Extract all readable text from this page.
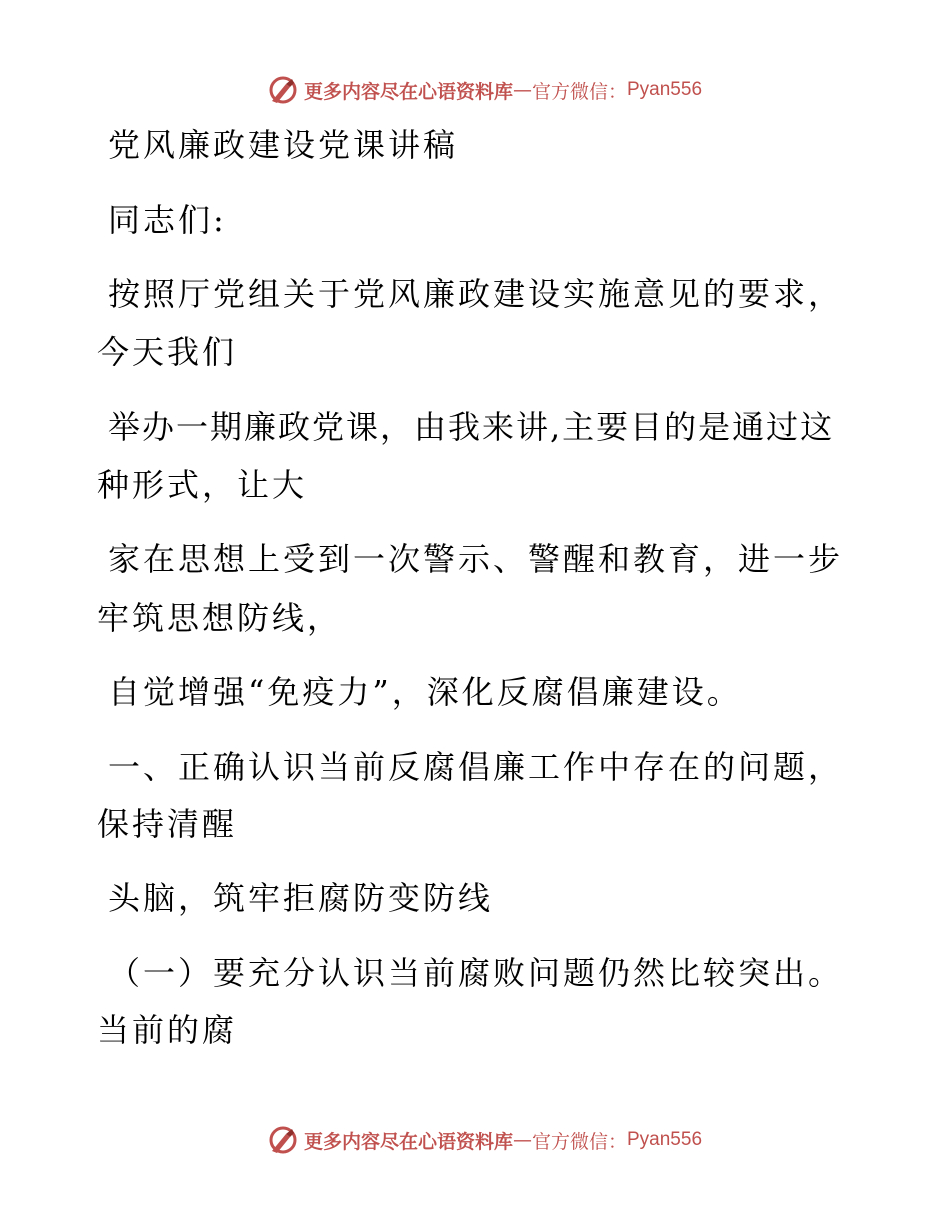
更多内容尽在心语资料库 — 官方微信： Pyan556
党风廉政建设党课讲稿
同志们:
按照厅党组关于党风廉政建设实施意见的要求，
今天我们
举办一期廉政党课，由我来讲,主要目的是通过这
种形式，让大
家在思想上受到一次警示、警醒和教育，进一步
牢筑思想防线，
自觉增强“免疫力”，深化反腐倡廉建设。
一、正确认识当前反腐倡廉工作中存在的问题，
保持清醒
头脑，筑牢拒腐防变防线
（一）要充分认识当前腐败问题仍然比较突出。
当前的腐
更多内容尽在心语资料库 — 官方微信： Pyan556
